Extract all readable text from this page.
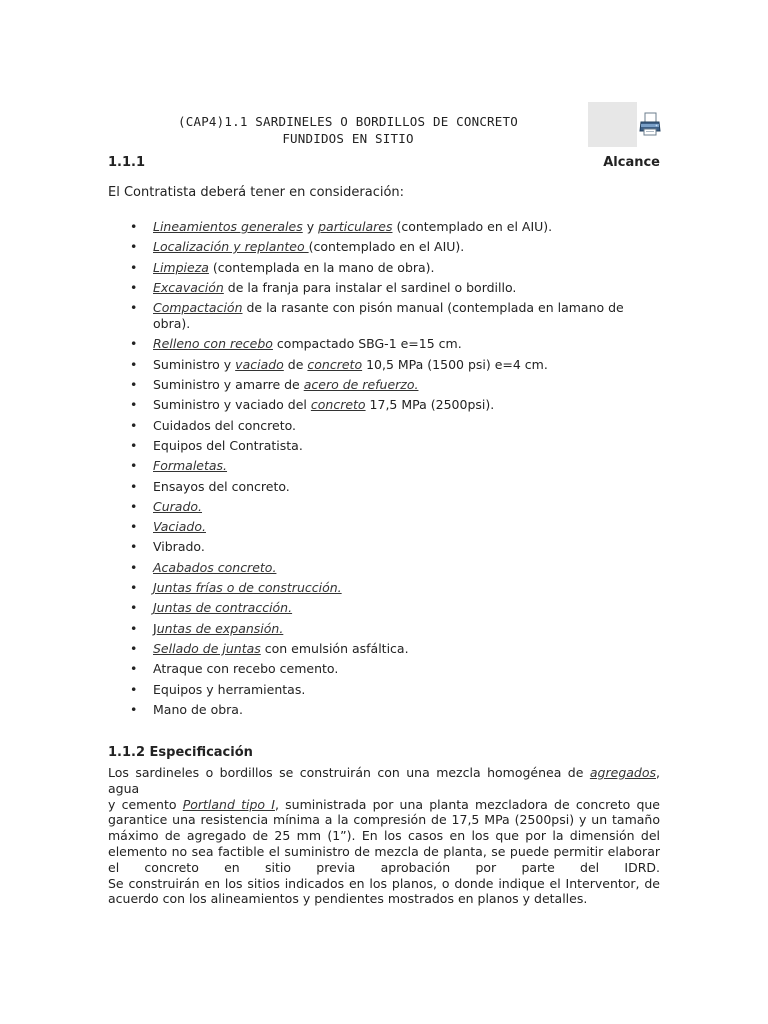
(CAP4)1.1 SARDINELES O BORDILLOS DE CONCRETO
FUNDIDOS EN SITIO
1.1.1	Alcance
El Contratista deberá tener en consideración:
• Lineamientos generales y particulares (contemplado en el AIU).
• Localización y replanteo (contemplado en el AIU).
• Limpieza (contemplada en la mano de obra).
• Excavación de la franja para instalar el sardinel o bordillo.
• Compactación de la rasante con pisón manual (contemplada en lamano de obra).
• Relleno con recebo compactado SBG-1 e=15 cm.
• Suministro y vaciado de concreto 10,5 MPa (1500 psi) e=4 cm.
• Suministro y amarre de acero de refuerzo.
• Suministro y vaciado del concreto 17,5 MPa (2500psi).
• Cuidados del concreto.
• Equipos del Contratista.
• Formaletas.
• Ensayos del concreto.
• Curado.
• Vaciado.
• Vibrado.
• Acabados concreto.
• Juntas frías o de construcción.
• Juntas de contracción.
• Juntas de expansión.
• Sellado de juntas con emulsión asfáltica.
• Atraque con recebo cemento.
• Equipos y herramientas.
• Mano de obra.
1.1.2 Especificación
Los sardineles o bordillos se construirán con una mezcla homogénea de agregados, agua
y cemento Portland tipo I, suministrada por una planta mezcladora de concreto que
garantice una resistencia mínima a la compresión de 17,5 MPa (2500psi) y un tamaño
máximo de agregado de 25 mm (1”). En los casos en los que por la dimensión del
elemento no sea factible el suministro de mezcla de planta, se puede permitir elaborar
el concreto en sitio previa aprobación por parte del IDRD.
Se construirán en los sitios indicados en los planos, o donde indique el Interventor, de
acuerdo con los alineamientos y pendientes mostrados en planos y detalles.
